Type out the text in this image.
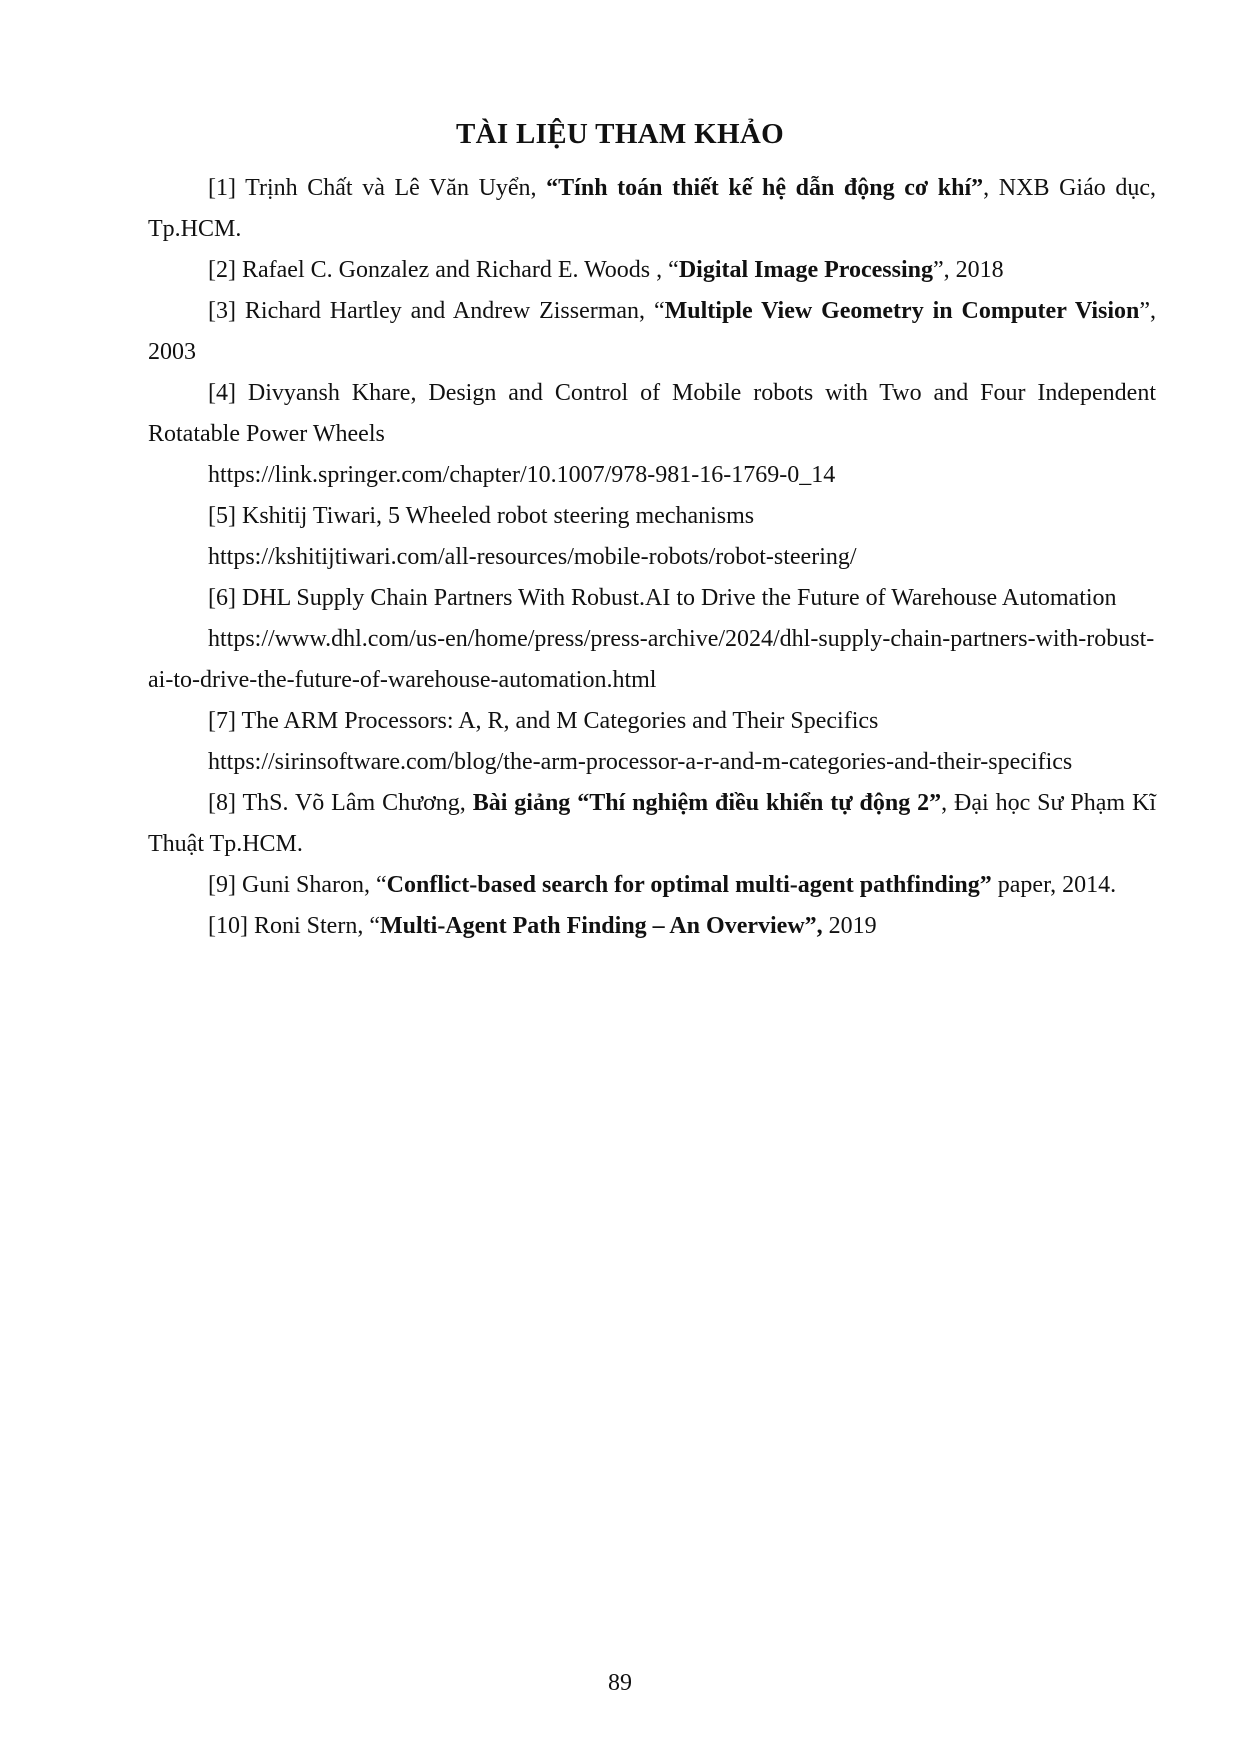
TÀI LIỆU THAM KHẢO

[1] Trịnh Chất và Lê Văn Uyển, “Tính toán thiết kế hệ dẫn động cơ khí”, NXB Giáo dục, Tp.HCM.

[2] Rafael C. Gonzalez and Richard E. Woods , “Digital Image Processing”, 2018

[3] Richard Hartley and Andrew Zisserman, “Multiple View Geometry in Computer Vision”, 2003

[4] Divyansh Khare, Design and Control of Mobile robots with Two and Four Independent Rotatable Power Wheels

https://link.springer.com/chapter/10.1007/978-981-16-1769-0_14

[5] Kshitij Tiwari, 5 Wheeled robot steering mechanisms

https://kshitijtiwari.com/all-resources/mobile-robots/robot-steering/

[6] DHL Supply Chain Partners With Robust.AI to Drive the Future of Warehouse Automation

https://www.dhl.com/us-en/home/press/press-archive/2024/dhl-supply-chain-partners-with-robust-ai-to-drive-the-future-of-warehouse-automation.html

[7] The ARM Processors: A, R, and M Categories and Their Specifics

https://sirinsoftware.com/blog/the-arm-processor-a-r-and-m-categories-and-their-specifics

[8] ThS. Võ Lâm Chương, Bài giảng “Thí nghiệm điều khiển tự động 2”, Đại học Sư Phạm Kĩ Thuật Tp.HCM.

[9] Guni Sharon, “Conflict-based search for optimal multi-agent pathfinding” paper, 2014.

[10] Roni Stern, “Multi-Agent Path Finding – An Overview”, 2019

89
